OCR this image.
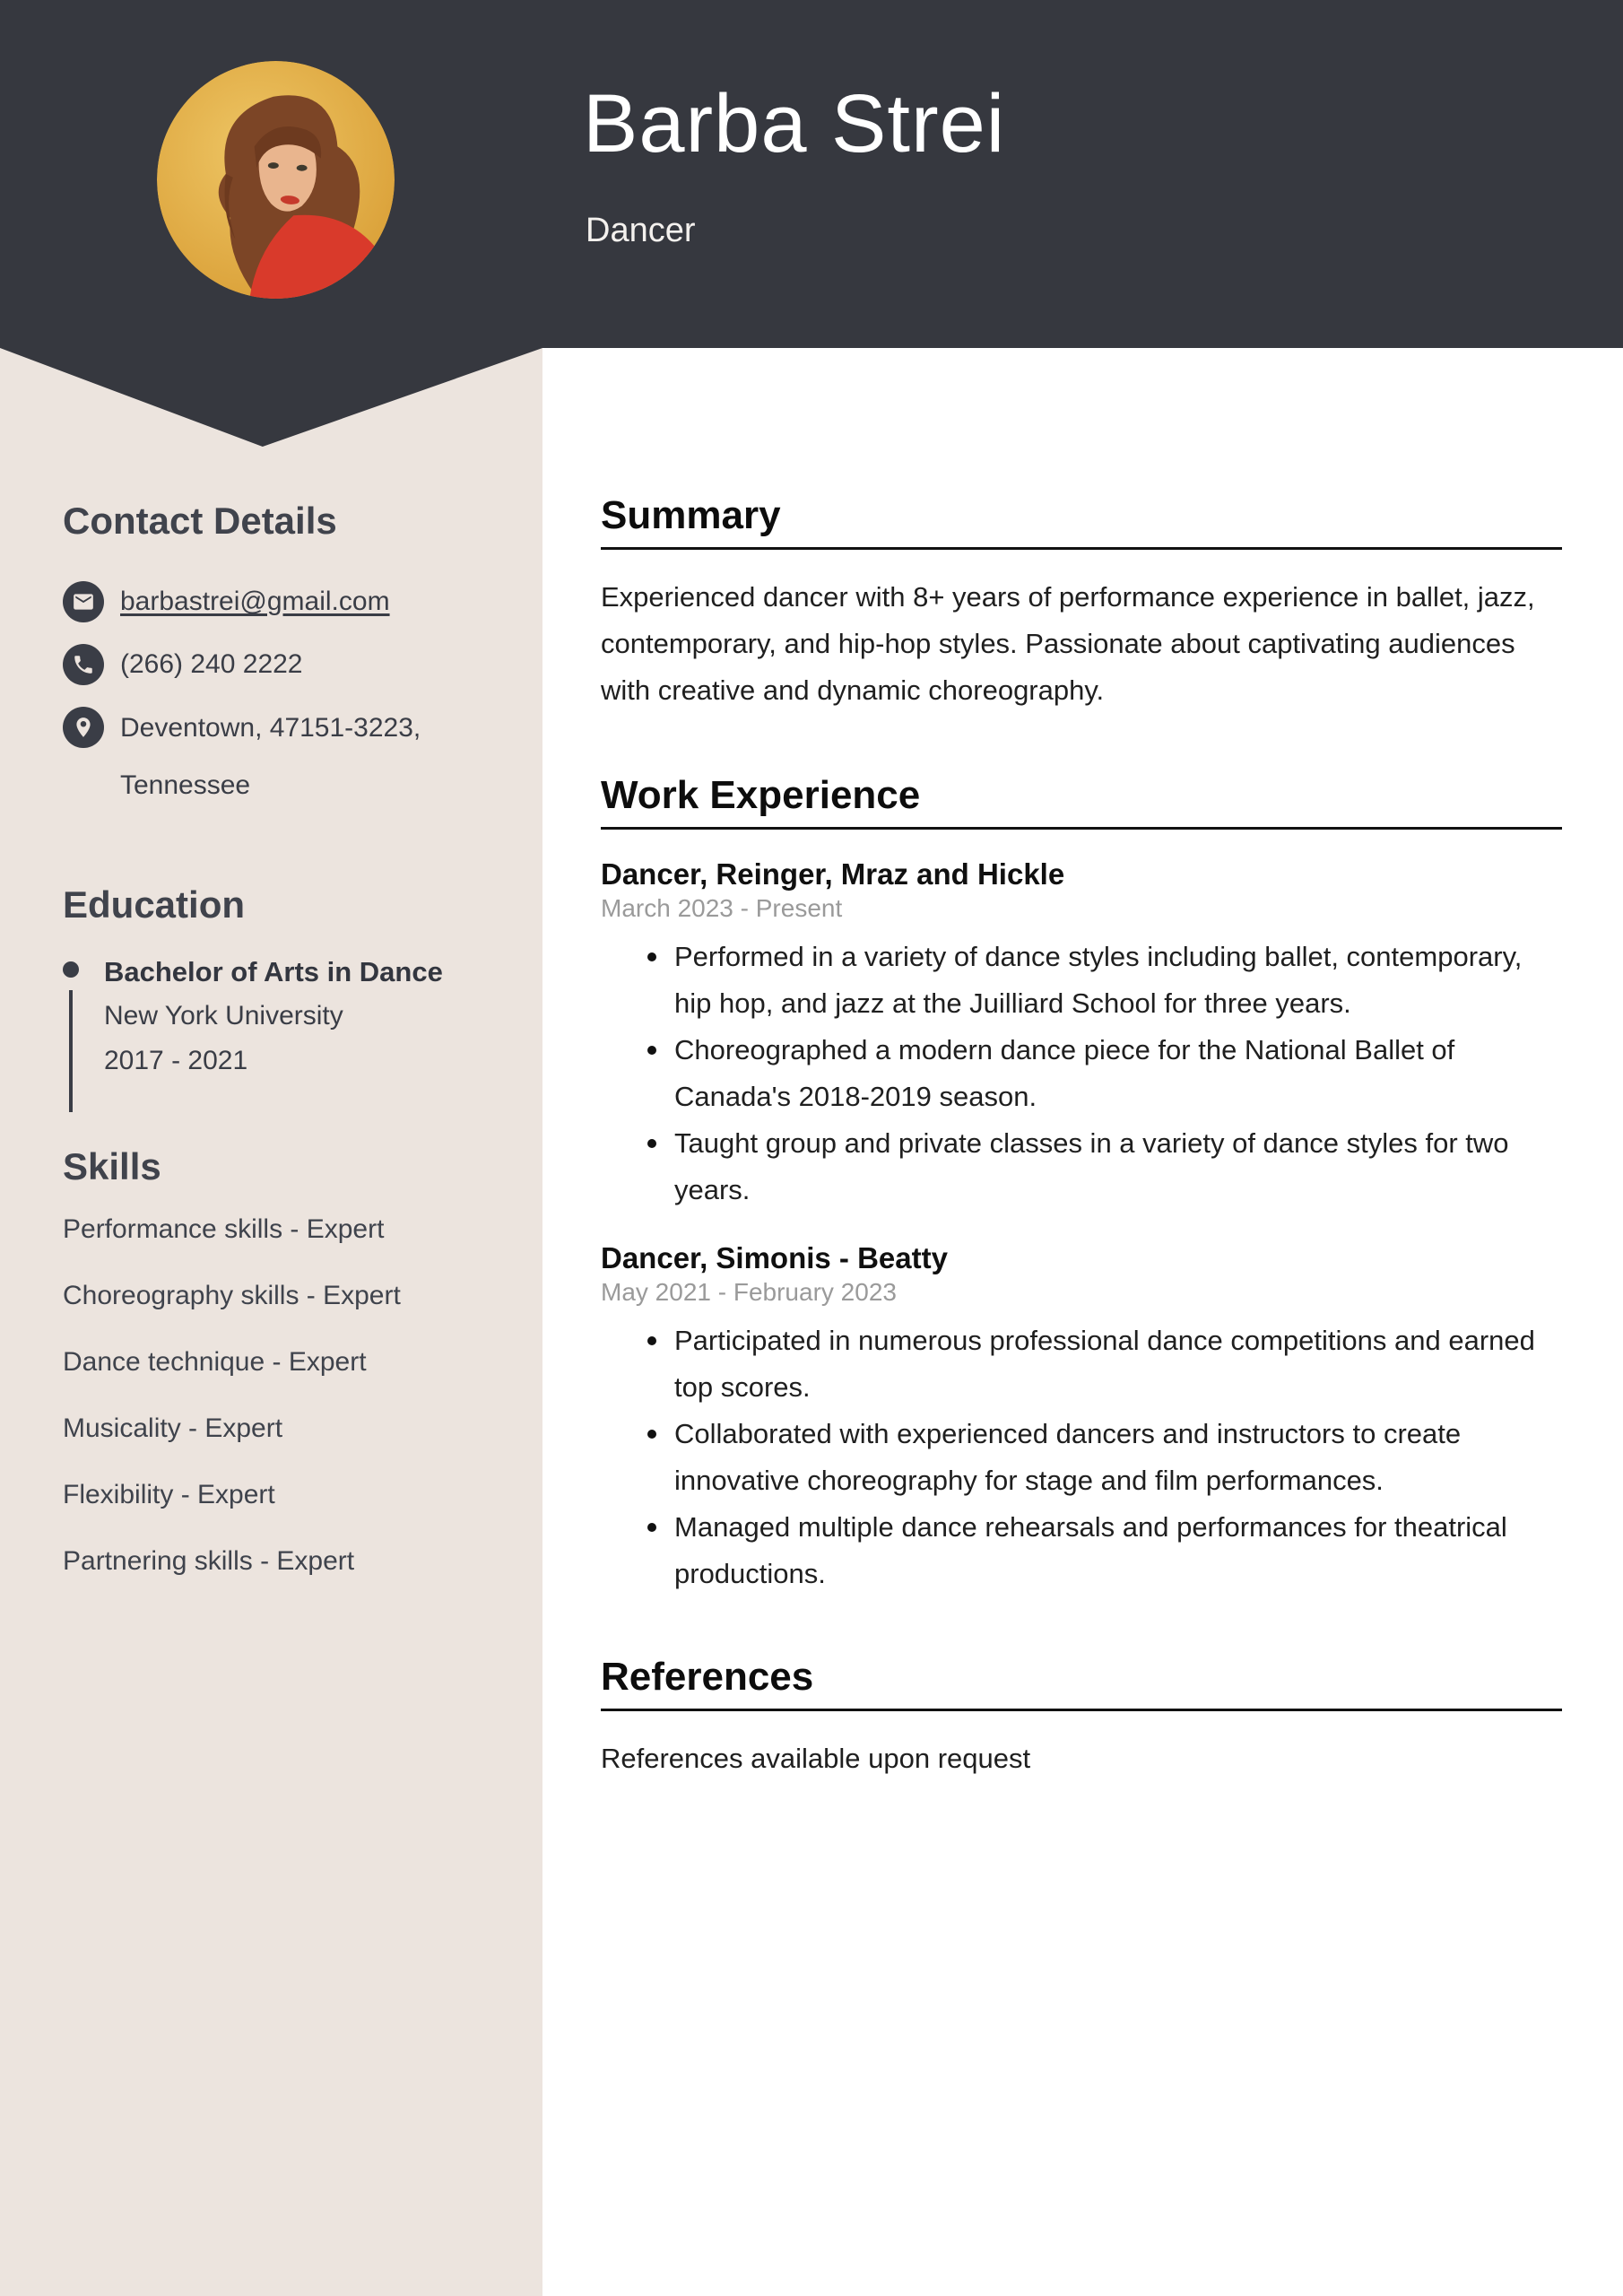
Contact Details
barbastrei@gmail.com
(266) 240 2222
Deventown, 47151-3223,
Tennessee
Education
Bachelor of Arts in Dance
New York University
2017 - 2021
Skills
Performance skills - Expert
Choreography skills - Expert
Dance technique - Expert
Musicality - Expert
Flexibility - Expert
Partnering skills - Expert
Barba Strei
Dancer
Summary

Experienced dancer with 8+ years of performance experience in ballet, jazz, contemporary, and hip-hop styles. Passionate about captivating audiences with creative and dynamic choreography.

Work Experience
Dancer, Reinger, Mraz and Hickle
March 2023 - Present
Performed in a variety of dance styles including ballet, contemporary, hip hop, and jazz at the Juilliard School for three years.
Choreographed a modern dance piece for the National Ballet of Canada's 2018-2019 season.
Taught group and private classes in a variety of dance styles for two years.
Dancer, Simonis - Beatty
May 2021 - February 2023
Participated in numerous professional dance competitions and earned top scores.
Collaborated with experienced dancers and instructors to create innovative choreography for stage and film performances.
Managed multiple dance rehearsals and performances for theatrical productions.
References

References available upon request
